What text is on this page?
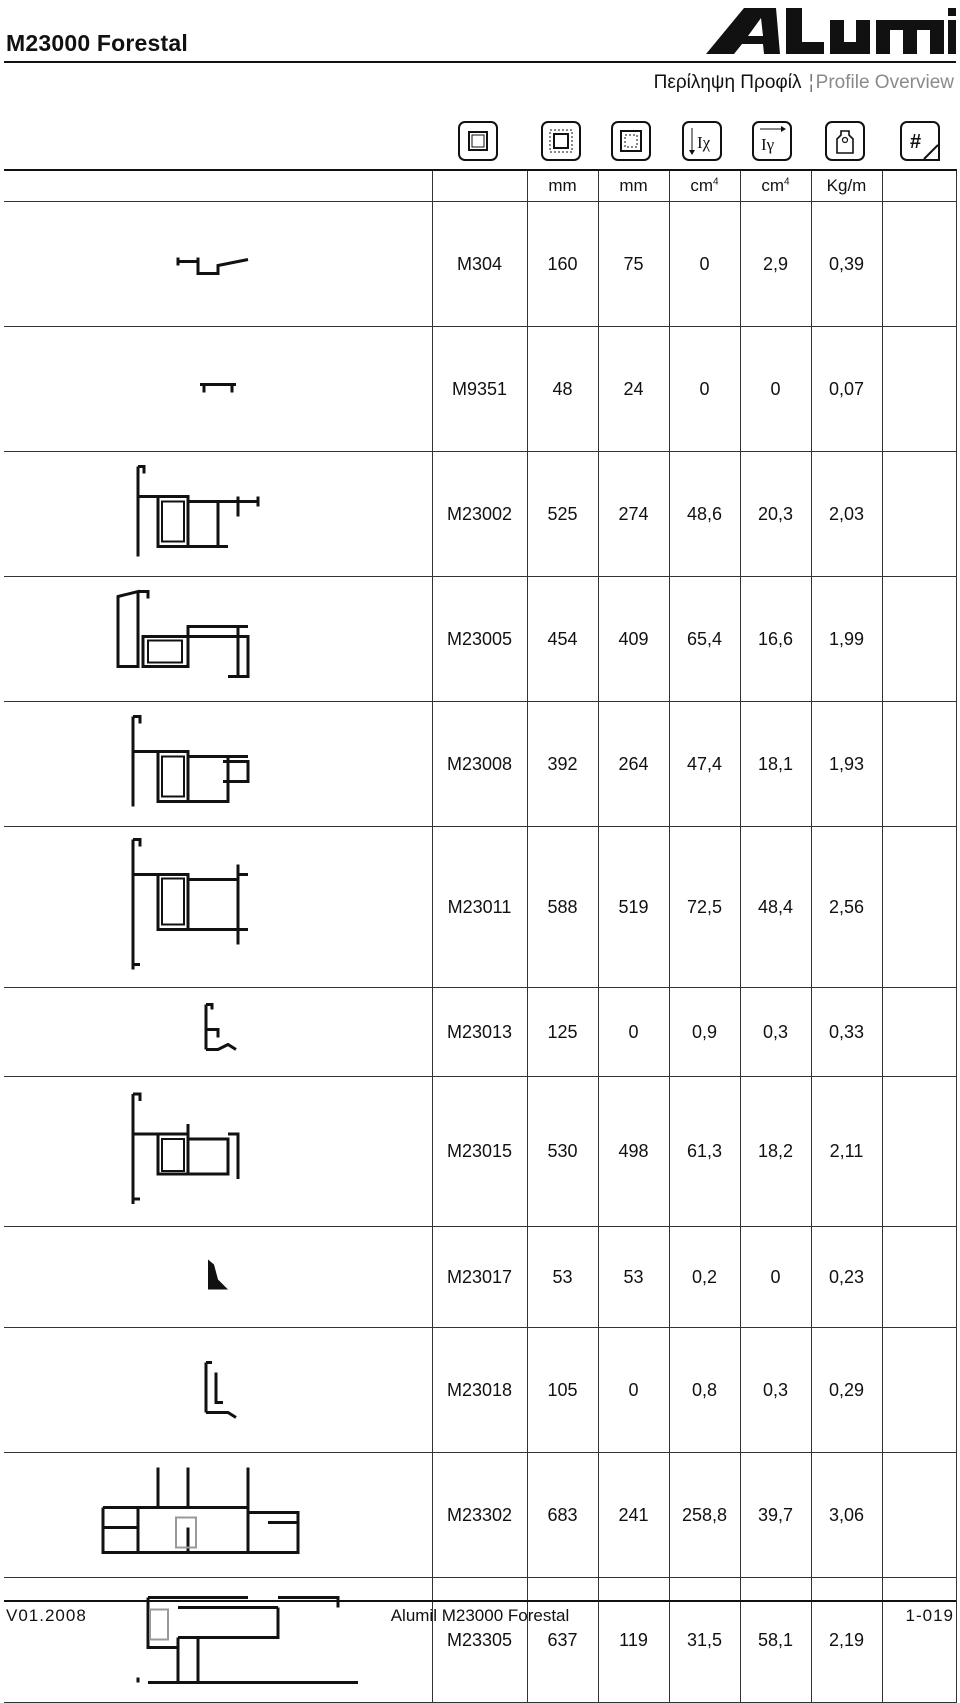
M23000 Forestal
Περίληψη Προφίλ ¦ Profile Overview
Iχ	Iγ	#
		mm	mm	$cm^4$	$cm^4$	Kg/m	
	M304	160	75	0	2,9	0,39	
	M9351	48	24	0	0	0,07	
	M23002	525	274	48,6	20,3	2,03	
	M23005	454	409	65,4	16,6	1,99	
	M23008	392	264	47,4	18,1	1,93	
	M23011	588	519	72,5	48,4	2,56	
	M23013	125	0	0,9	0,3	0,33	
	M23015	530	498	61,3	18,2	2,11	
	M23017	53	53	0,2	0	0,23	
	M23018	105	0	0,8	0,3	0,29	
	M23302	683	241	258,8	39,7	3,06	
	M23305	637	119	31,5	58,1	2,19	
V01.2008	Alumil M23000 Forestal	1-019
